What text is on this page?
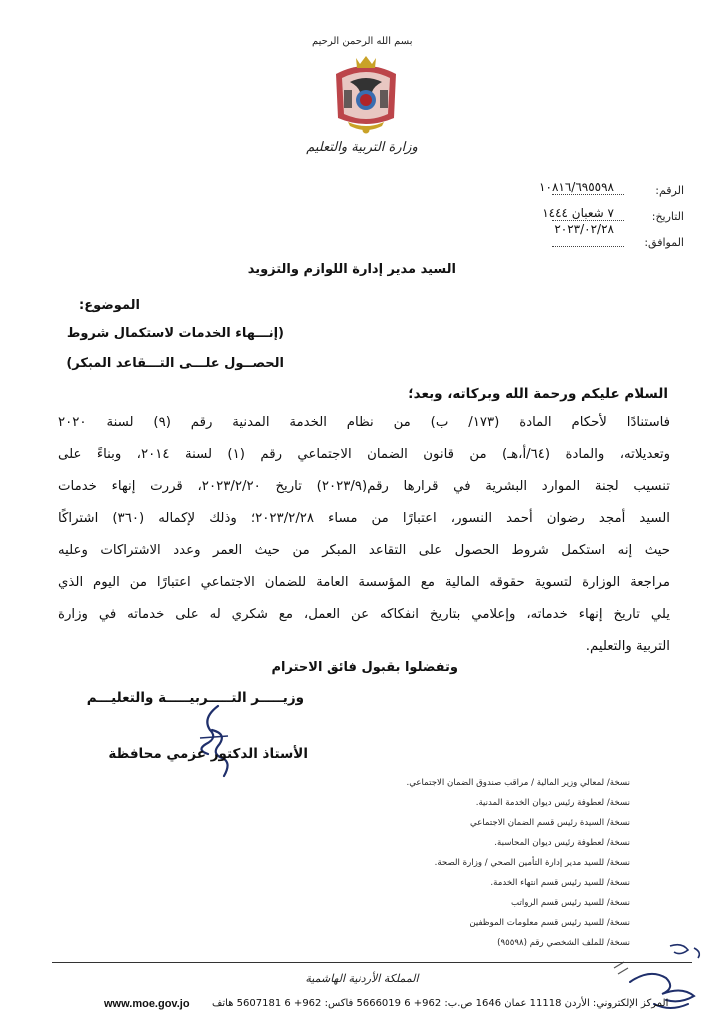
بسم الله الرحمن الرحيم
وزارة التربية والتعليم
الرقم:
١٠٨١٦/٦٩٥٥٩٨
التاريخ:
٧ شعبان ١٤٤٤
الموافق:
٢٠٢٣/٠٢/٢٨
السيد مدير إدارة اللوازم والتزويد
الموضوع:
(إنـــهاء الخدمات لاستكمال شروط
الحصــول علـــى التـــقاعد المبكر)
السلام عليكم ورحمة الله وبركاته، وبعد؛
فاستنادًا لأحكام المادة (١٧٣/ ب) من نظام الخدمة المدنية رقم (٩) لسنة ٢٠٢٠
وتعديلاته، والمادة (٦٤/أ،هـ) من قانون الضمان الاجتماعي رقم (١) لسنة ٢٠١٤، وبناءً على
تنسيب لجنة الموارد البشرية في قرارها رقم(٢٠٢٣/٩) تاريخ ٢٠٢٣/٢/٢٠، قررت إنهاء خدمات
السيد أمجد رضوان أحمد النسور، اعتبارًا من مساء ٢٠٢٣/٢/٢٨؛ وذلك لإكماله (٣٦٠) اشتراكًا
حيث إنه استكمل شروط الحصول على التقاعد المبكر من حيث العمر وعدد الاشتراكات وعليه
مراجعة الوزارة لتسوية حقوقه المالية مع المؤسسة العامة للضمان الاجتماعي اعتبارًا من اليوم الذي
يلي تاريخ إنهاء خدماته، وإعلامي بتاريخ انفكاكه عن العمل، مع شكري له على خدماته في وزارة
التربية والتعليم.
وتفضلوا بقبول فائق الاحترام
وزيـــــر التـــــربيـــــة والتعليـــم
الأستاذ الدكتور عزمي محافظة
نسخة/ لمعالي وزير المالية / مراقب صندوق الضمان الاجتماعي.
نسخة/ لعطوفة رئيس ديوان الخدمة المدنية.
نسخة/ السيدة رئيس قسم الضمان الاجتماعي
نسخة/ لعطوفة رئيس ديوان المحاسبة.
نسخة/ للسيد مدير إدارة التأمين الصحي / وزارة الصحة.
نسخة/ للسيد رئيس قسم انتهاء الخدمة.
نسخة/ للسيد رئيس قسم الرواتب
نسخة/ للسيد رئيس قسم معلومات الموظفين
نسخة/ للملف الشخصي رقم (٩٥٥٩٨)
المملكة الأردنية الهاشمية
www.moe.gov.jo المركز الإلكتروني: الأردن 11118 عمان 1646 ص.ب: 962+ 6 5666019 فاكس: 962+ 6 5607181 هاتف
